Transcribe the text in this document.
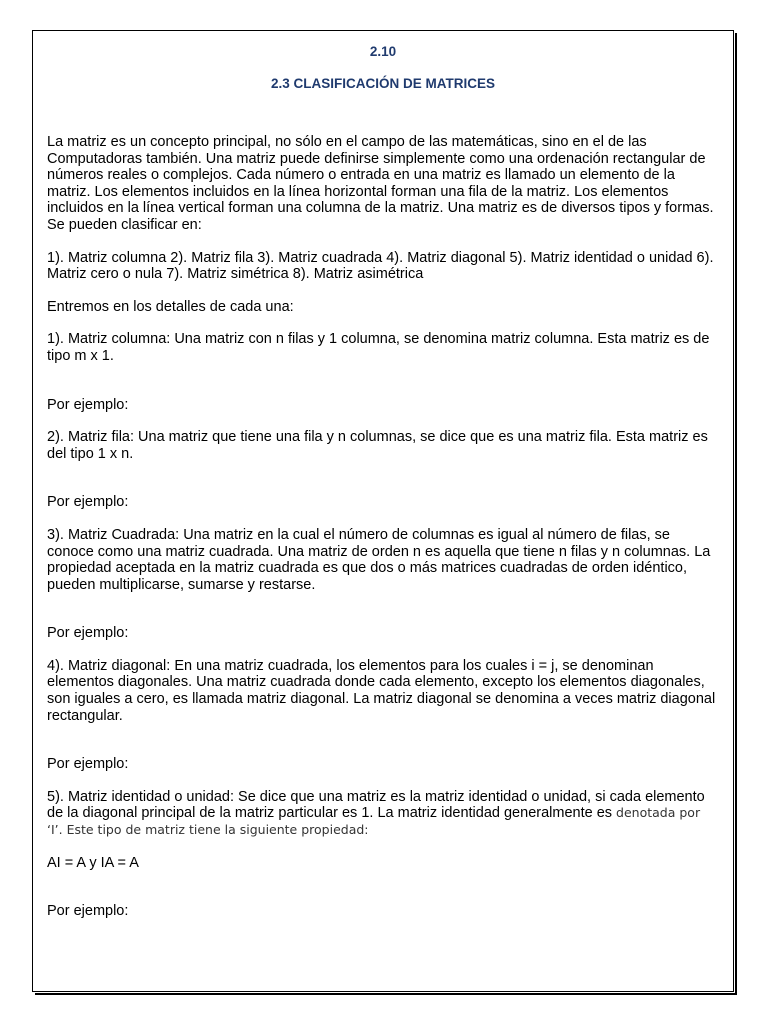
2.10

2.3 CLASIFICACIÓN DE MATRICES

La matriz es un concepto principal, no sólo en el campo de las matemáticas, sino en el de las Computadoras también. Una matriz puede definirse simplemente como una ordenación rectangular de números reales o complejos. Cada número o entrada en una matriz es llamado un elemento de la matriz. Los elementos incluidos en la línea horizontal forman una fila de la matriz. Los elementos incluidos en la línea vertical forman una columna de la matriz. Una matriz es de diversos tipos y formas. Se pueden clasificar en:

1). Matriz columna 2). Matriz fila 3). Matriz cuadrada 4). Matriz diagonal 5). Matriz identidad o unidad 6). Matriz cero o nula 7). Matriz simétrica 8). Matriz asimétrica

Entremos en los detalles de cada una:

1). Matriz columna: Una matriz con n filas y 1 columna, se denomina matriz columna. Esta matriz es de tipo m x 1.

Por ejemplo:

2). Matriz fila: Una matriz que tiene una fila y n columnas, se dice que es una matriz fila. Esta matriz es del tipo 1 x n.

Por ejemplo:

3). Matriz Cuadrada: Una matriz en la cual el número de columnas es igual al número de filas, se conoce como una matriz cuadrada. Una matriz de orden n es aquella que tiene n filas y n columnas. La propiedad aceptada en la matriz cuadrada es que dos o más matrices cuadradas de orden idéntico, pueden multiplicarse, sumarse y restarse.

Por ejemplo:

4). Matriz diagonal: En una matriz cuadrada, los elementos para los cuales i = j, se denominan elementos diagonales. Una matriz cuadrada donde cada elemento, excepto los elementos diagonales, son iguales a cero, es llamada matriz diagonal. La matriz diagonal se denomina a veces matriz diagonal rectangular.

Por ejemplo:

5). Matriz identidad o unidad: Se dice que una matriz es la matriz identidad o unidad, si cada elemento de la diagonal principal de la matriz particular es 1. La matriz identidad generalmente es denotada por ‘I’. Este tipo de matriz tiene la siguiente propiedad:

AI = A y IA = A

Por ejemplo:
